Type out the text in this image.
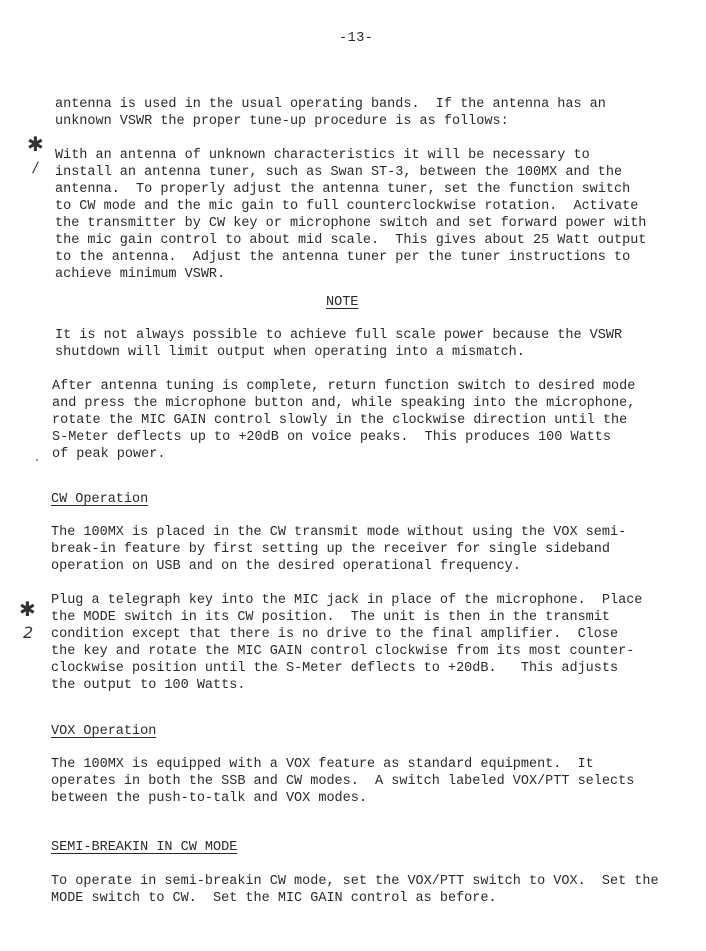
-13-

antenna is used in the usual operating bands.  If the antenna has an
unknown VSWR the proper tune-up procedure is as follows:

✱
/

With an antenna of unknown characteristics it will be necessary to
install an antenna tuner, such as Swan ST-3, between the 100MX and the
antenna.  To properly adjust the antenna tuner, set the function switch
to CW mode and the mic gain to full counterclockwise rotation.  Activate
the transmitter by CW key or microphone switch and set forward power with
the mic gain control to about mid scale.  This gives about 25 Watt output
to the antenna.  Adjust the antenna tuner per the tuner instructions to
achieve minimum VSWR.

NOTE

It is not always possible to achieve full scale power because the VSWR
shutdown will limit output when operating into a mismatch.

After antenna tuning is complete, return function switch to desired mode
and press the microphone button and, while speaking into the microphone,
rotate the MIC GAIN control slowly in the clockwise direction until the
S-Meter deflects up to +20dB on voice peaks.  This produces 100 Watts
of peak power.

CW Operation

The 100MX is placed in the CW transmit mode without using the VOX semi-
break-in feature by first setting up the receiver for single sideband
operation on USB and on the desired operational frequency.

✱
2

Plug a telegraph key into the MIC jack in place of the microphone.  Place
the MODE switch in its CW position.  The unit is then in the transmit
condition except that there is no drive to the final amplifier.  Close
the key and rotate the MIC GAIN control clockwise from its most counter-
clockwise position until the S-Meter deflects to +20dB.   This adjusts
the output to 100 Watts.

VOX Operation

The 100MX is equipped with a VOX feature as standard equipment.  It
operates in both the SSB and CW modes.  A switch labeled VOX/PTT selects
between the push-to-talk and VOX modes.

SEMI-BREAKIN IN CW MODE

To operate in semi-breakin CW mode, set the VOX/PTT switch to VOX.  Set the
MODE switch to CW.  Set the MIC GAIN control as before.
